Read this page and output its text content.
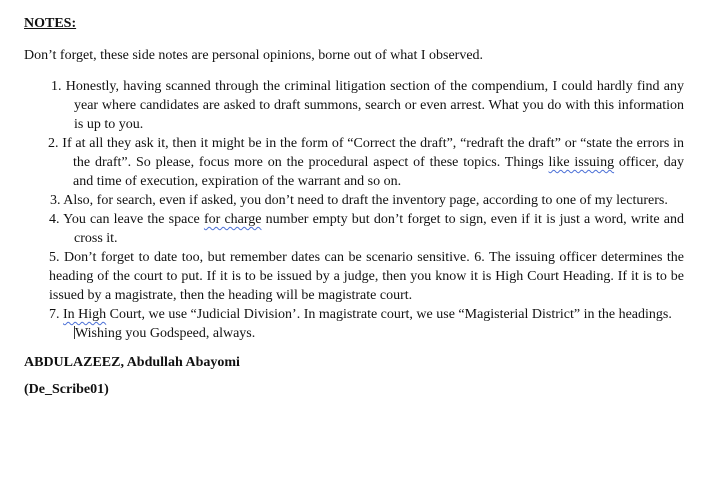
NOTES:
Don’t forget, these side notes are personal opinions, borne out of what I observed.
1. Honestly, having scanned through the criminal litigation section of the compendium, I could hardly find any year where candidates are asked to draft summons, search or even arrest. What you do with this information is up to you.
2. If at all they ask it, then it might be in the form of “Correct the draft”, “redraft the draft” or “state the errors in the draft”. So please, focus more on the procedural aspect of these topics. Things like issuing officer, day and time of execution, expiration of the warrant and so on.
3. Also, for search, even if asked, you don’t need to draft the inventory page, according to one of my lecturers.
4. You can leave the space for charge number empty but don’t forget to sign, even if it is just a word, write and cross it.
5. Don’t forget to date too, but remember dates can be scenario sensitive. 6. The issuing officer determines the heading of the court to put. If it is to be issued by a judge, then you know it is High Court Heading. If it is to be issued by a magistrate, then the heading will be magistrate court.
7. In High Court, we use “Judicial Division’. In magistrate court, we use “Magisterial District” in the headings.
Wishing you Godspeed, always.
ABDULAZEEZ, Abdullah Abayomi
(De_Scribe01)
